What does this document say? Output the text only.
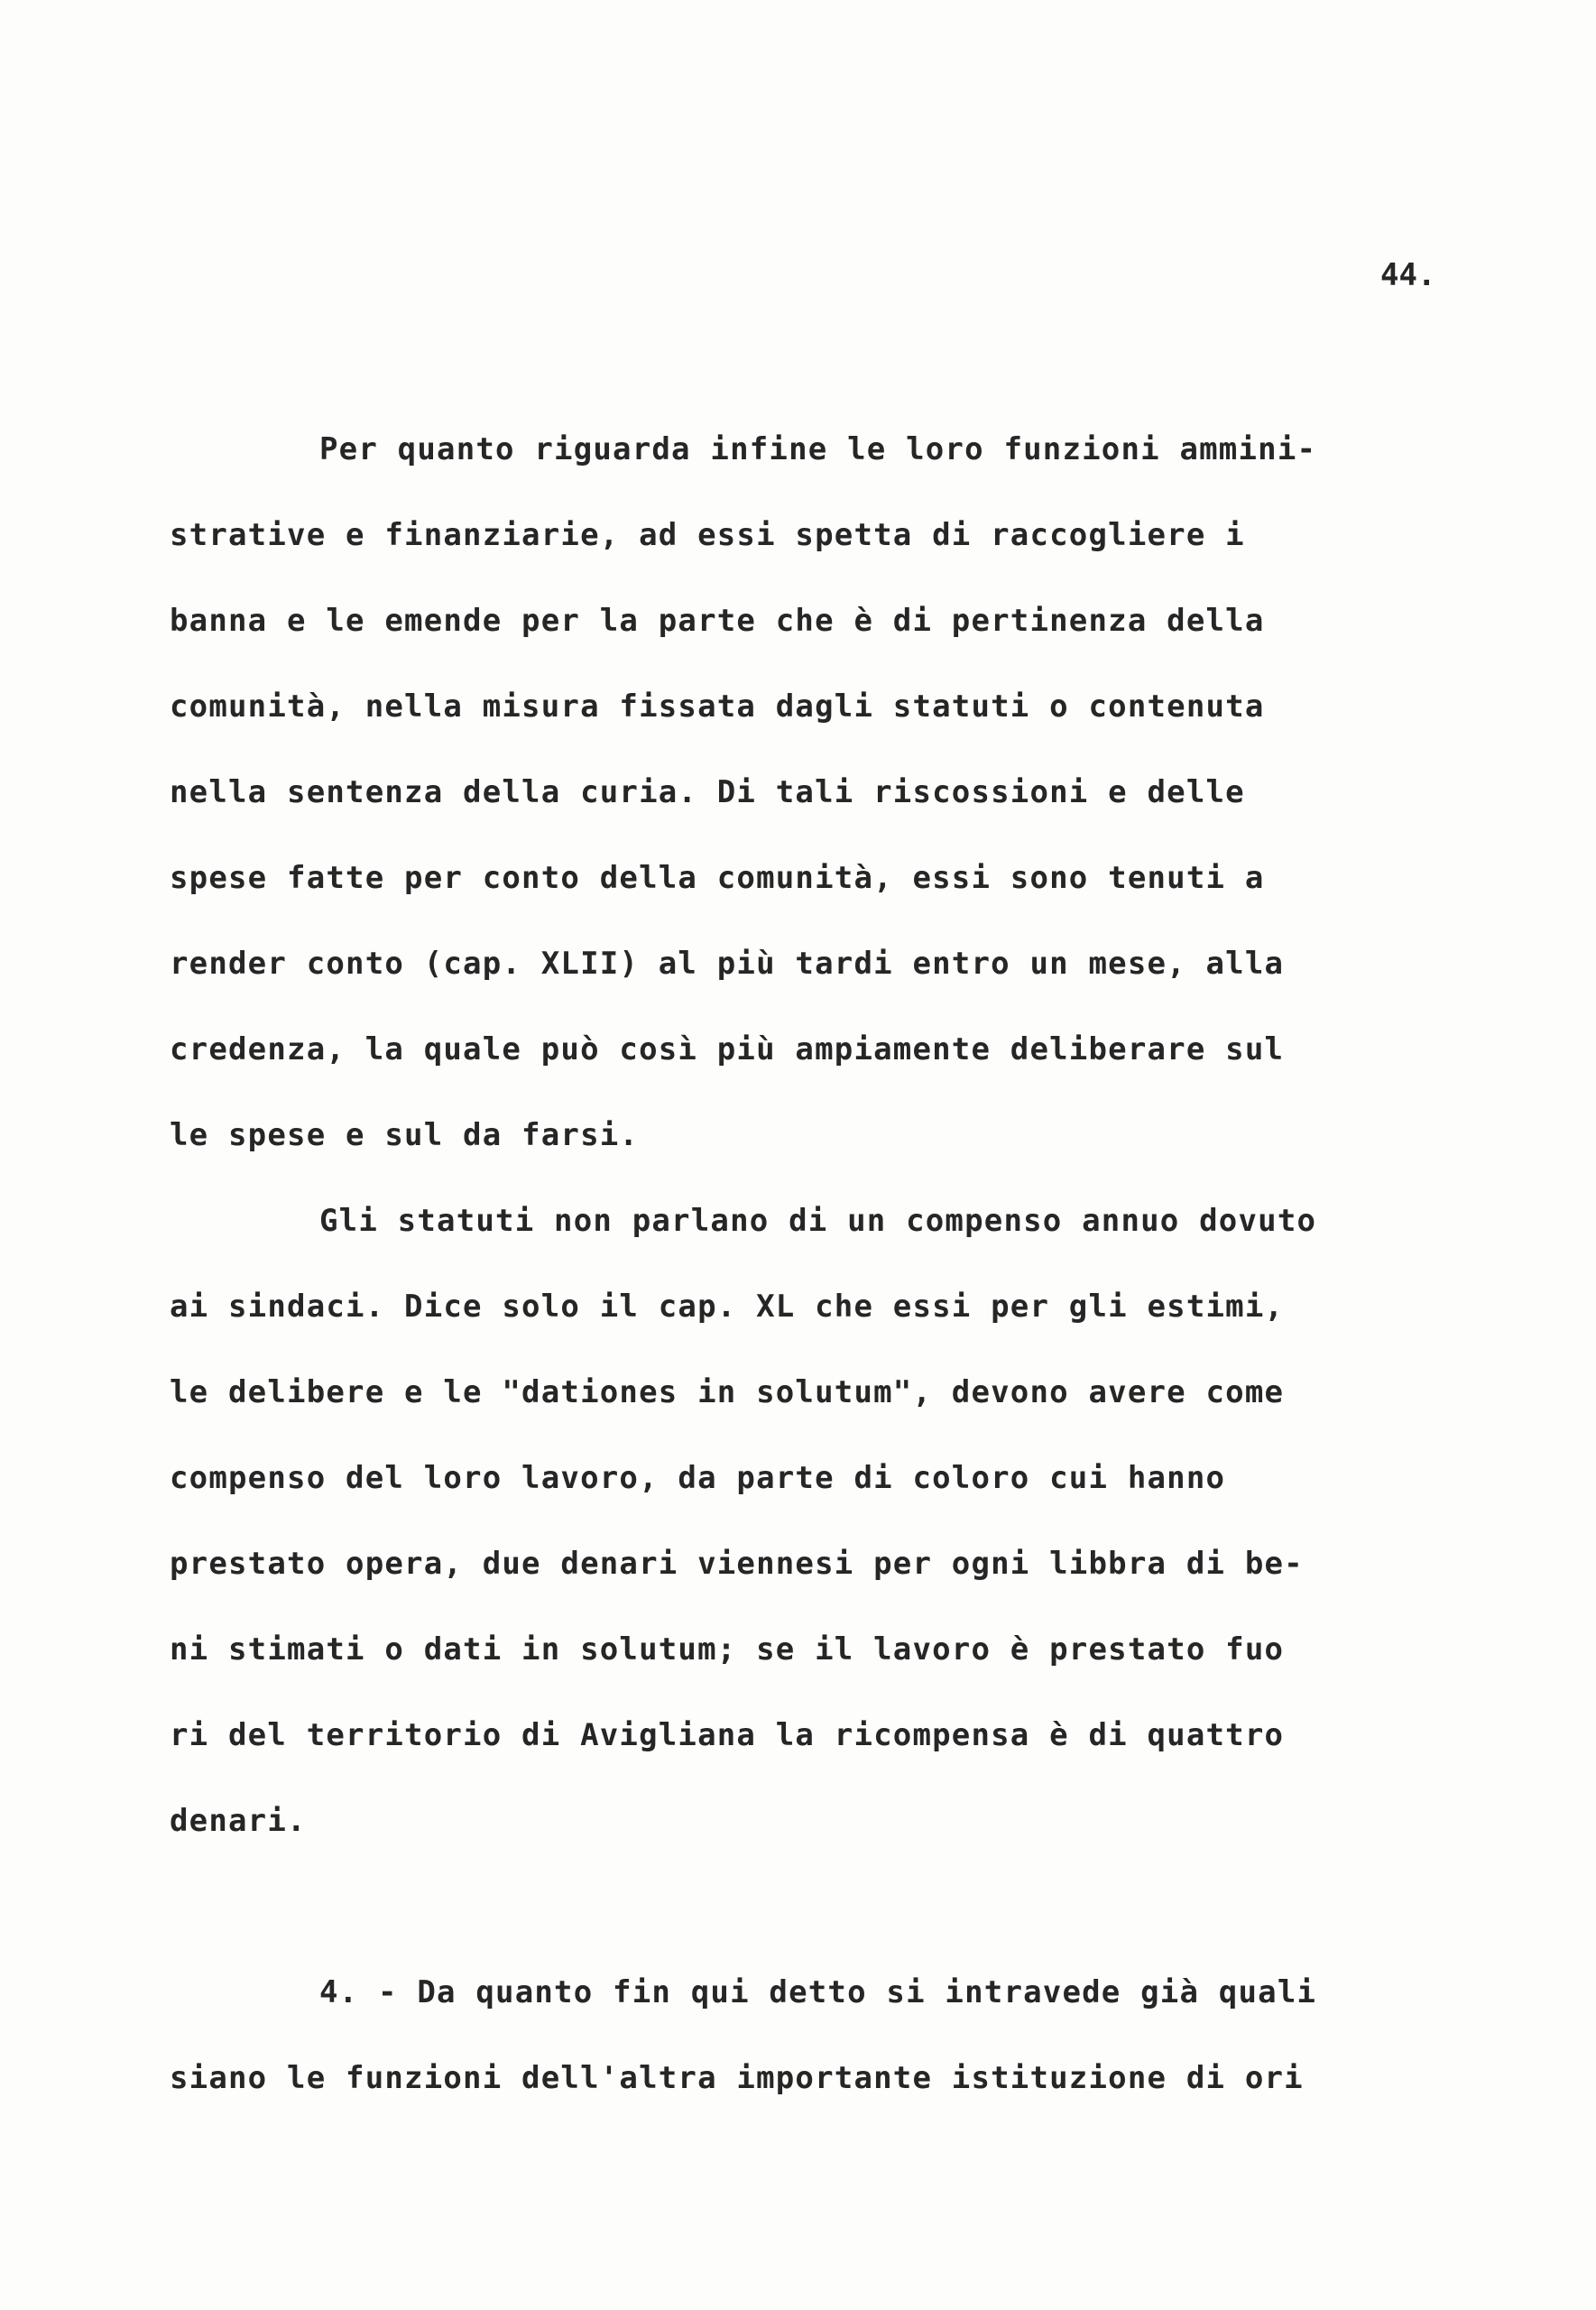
44.
Per quanto riguarda infine le loro funzioni ammini-
strative e finanziarie, ad essi spetta di raccogliere i
banna e le emende per la parte che è di pertinenza della
comunità, nella misura fissata dagli statuti o contenuta
nella sentenza della curia. Di tali riscossioni e delle
spese fatte per conto della comunità, essi sono tenuti a
render conto (cap. XLII) al più tardi entro un mese, alla
credenza, la quale può così più ampiamente deliberare sul
le spese e sul da farsi.
Gli statuti non parlano di un compenso annuo dovuto
ai sindaci. Dice solo il cap. XL che essi per gli estimi,
le delibere e le "dationes in solutum", devono avere come
compenso del loro lavoro, da parte di coloro cui hanno
prestato opera, due denari viennesi per ogni libbra di be-
ni stimati o dati in solutum; se il lavoro è prestato fuo
ri del territorio di Avigliana la ricompensa è di quattro
denari.
4. - Da quanto fin qui detto si intravede già quali
siano le funzioni dell'altra importante istituzione di ori
